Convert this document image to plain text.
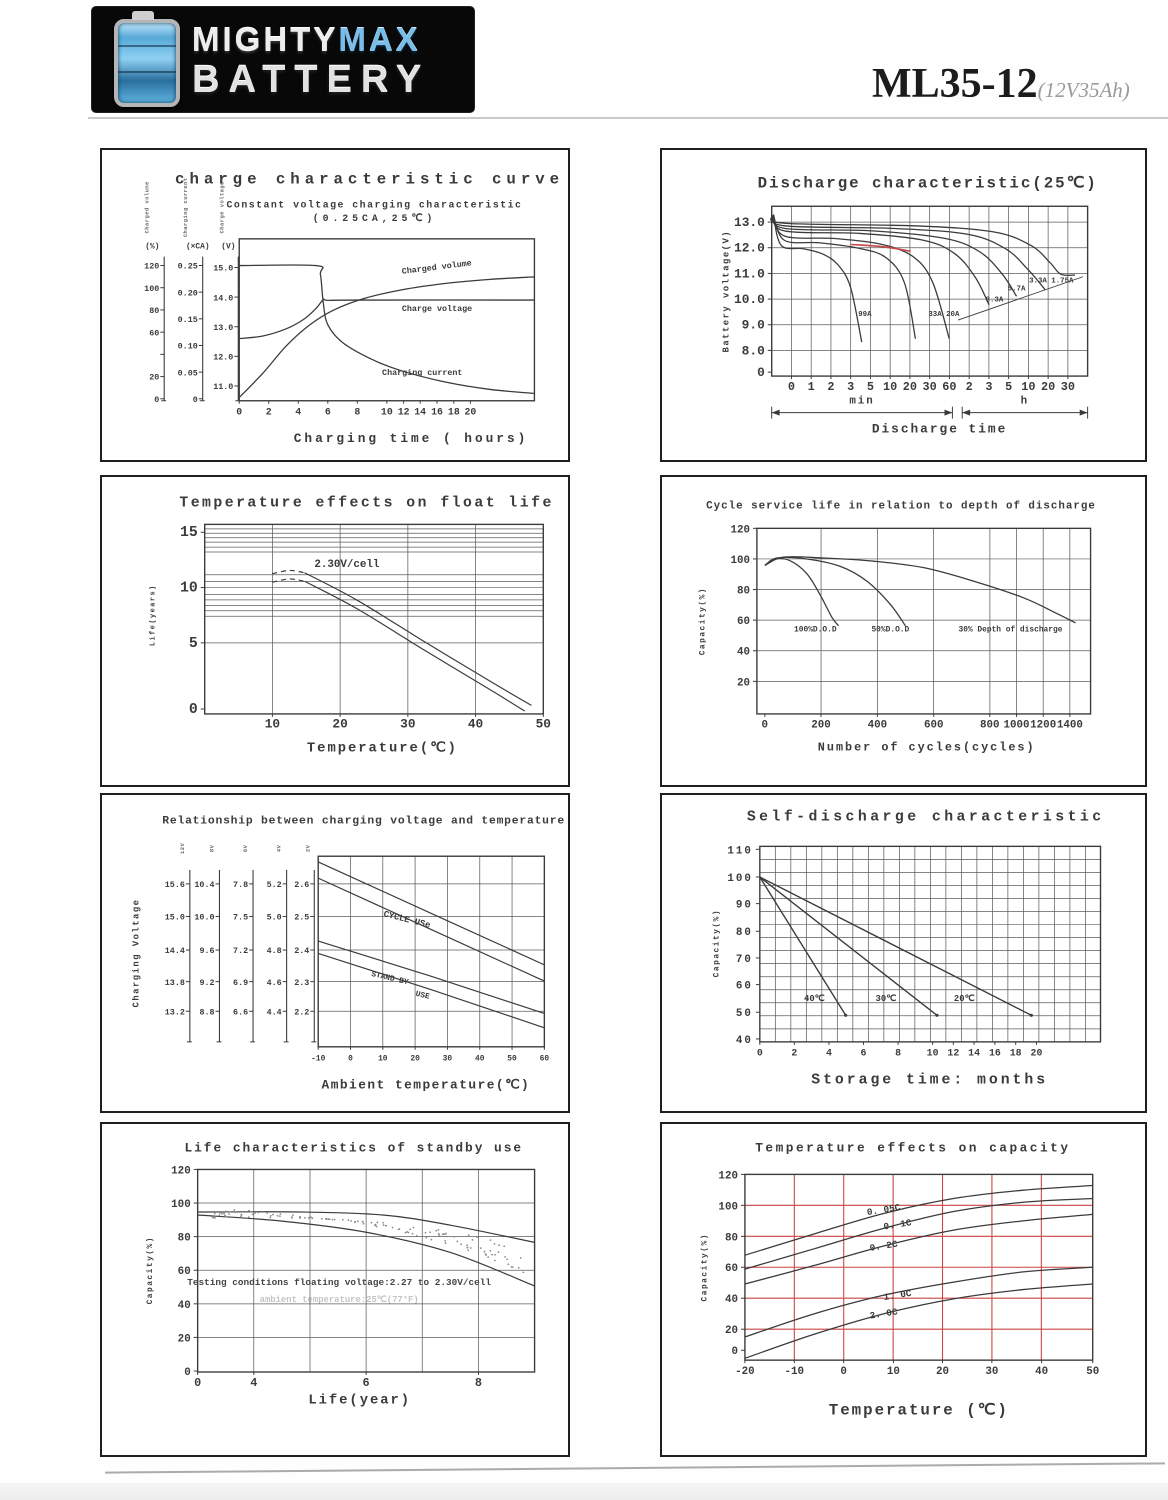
MIGHTYMAX
BATTERY	ML35-12(12V35Ah)
120
100
80
60
20
0
(%)
Charged volume
0.25
0.20
0.15
0.10
0.05
0
(×CA)
Charging current
15.0
14.0
13.0
12.0
11.0
(V)
Charge voltage
0 2 4 6 8 10 12 14 16 18 20
Charging current
Charge voltage
Charged volume
Charging time ( hours)
charge characteristic curve
Constant voltage charging characteristic
(0.25CA,25℃)	13.0
12.0
11.0
10.0
9.0
8.0
0
0 1 2 3 5 10 20 30 60 2 3 5 10 20 30
99A	33A 20A
8.3A
5.7A
3.3A 1.75A
min	h
Battery voltage(V)
Discharge time
Discharge characteristic(25℃)
15
10
5
0
10	20	30	40	50
2.30V/cell
Life(years)
Temperature(℃)
Temperature effects on float life
120
100
80
60
40
20
0	200	400	600	800 1000 1200 1400
100%D.O.D	50%D.O.D	30% Depth of discharge
Capacity(%)
Number of cycles(cycles)
Cycle service life in relation to depth of discharge
15.6
15.0
14.4
13.8
13.2
12V
10.4
10.0
9.6
9.2
8.8
8V
7.8
7.5
7.2
6.9
6.6
6V
5.2
5.0
4.8
4.6
4.4
4V
2.6
2.5
2.4
2.3
2.2
2V
-10	0	10	20	30	40	50	60
CYCLE USe
STAND BY
USE
Charging Voltage
Ambient temperature(℃)
Relationship between charging voltage and temperature
110
100
90
80
70
60
50
40
0	2	4	6	8	10 12 14 16 18 20
40℃	30℃	20℃
Capacity(%)
Storage time: months
Self-discharge characteristic
120
100
80
60
40
20
0
0	4	6	8
Testing conditions floating voltage:2.27 to 2.30V/cell
ambient temperature:25℃(77°F)
Capacity(%)
Life(year)
Life characteristics of standby use
120
100
80
60
40
20
0
-20	-10	0	10	20	30	40	50
0. 05C
0. 1C
0. 2C
1. 0C
2. 0C
Capacity(%)
Temperature (℃)
Temperature effects on capacity
